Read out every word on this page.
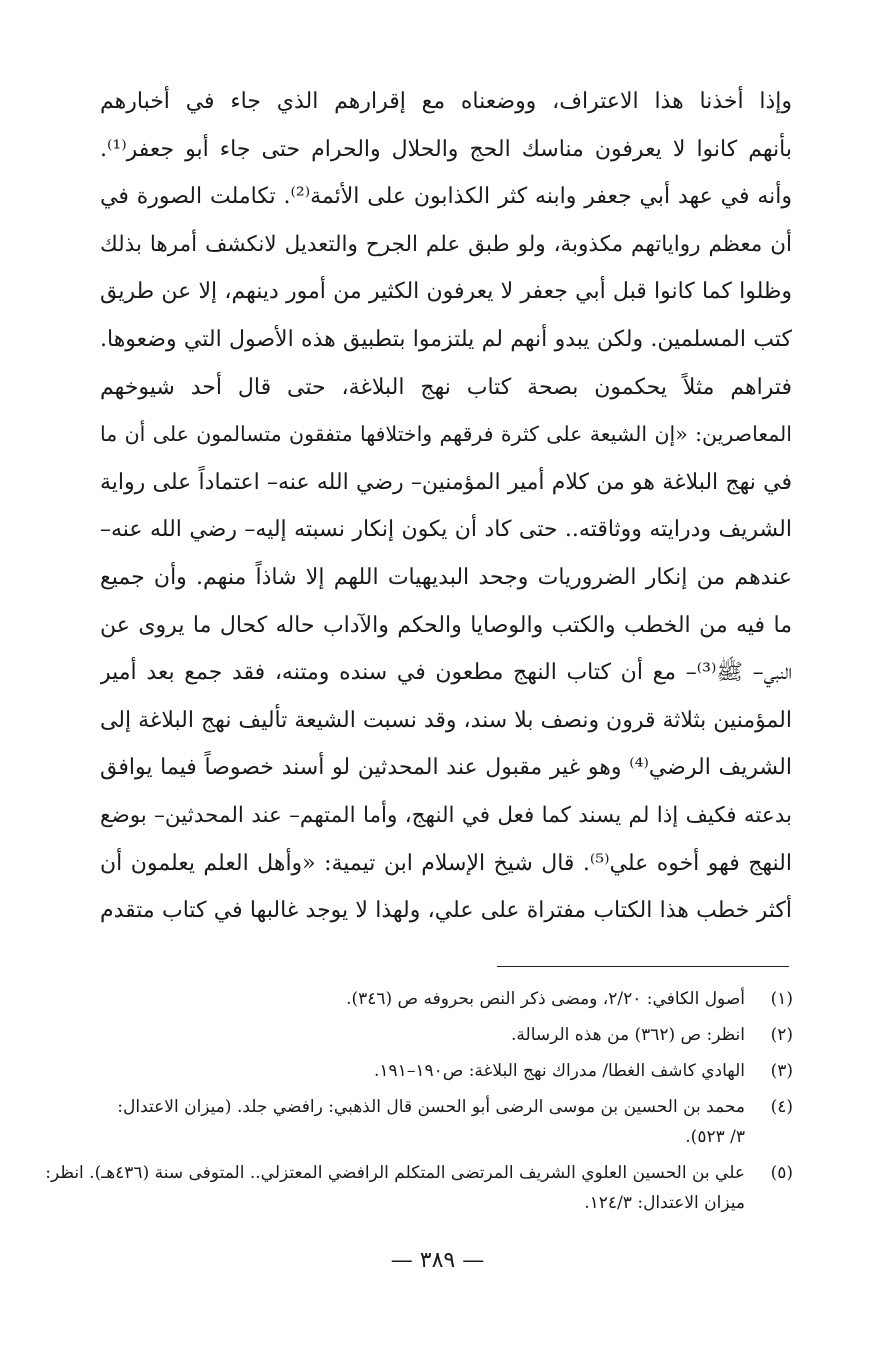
وإذا أخذنا هذا الاعتراف، ووضعناه مع إقرارهم الذي جاء في أخبارهم
بأنهم كانوا لا يعرفون مناسك الحج والحلال والحرام حتى جاء أبو جعفر⁽¹⁾.
وأنه في عهد أبي جعفر وابنه كثر الكذابون على الأئمة⁽²⁾. تكاملت الصورة في
أن معظم رواياتهم مكذوبة، ولو طبق علم الجرح والتعديل لانكشف أمرها بذلك
وظلوا كما كانوا قبل أبي جعفر لا يعرفون الكثير من أمور دينهم، إلا عن طريق
كتب المسلمين. ولكن يبدو أنهم لم يلتزموا بتطبيق هذه الأصول التي وضعوها.
فتراهم مثلاً يحكمون بصحة كتاب نهج البلاغة، حتى قال أحد شيوخهم
المعاصرين: «إن الشيعة على كثرة فرقهم واختلافها متفقون متسالمون على أن ما
في نهج البلاغة هو من كلام أمير المؤمنين– رضي الله عنه– اعتماداً على رواية
الشريف ودرايته ووثاقته.. حتى كاد أن يكون إنكار نسبته إليه– رضي الله عنه–
عندهم من إنكار الضروريات وجحد البديهيات اللهم إلا شاذاً منهم. وأن جميع
ما فيه من الخطب والكتب والوصايا والحكم والآداب حاله كحال ما يروى عن
النبي– ﷺ⁽³⁾– مع أن كتاب النهج مطعون في سنده ومتنه، فقد جمع بعد أمير
المؤمنين بثلاثة قرون ونصف بلا سند، وقد نسبت الشيعة تأليف نهج البلاغة إلى
الشريف الرضي⁽⁴⁾ وهو غير مقبول عند المحدثين لو أسند خصوصاً فيما يوافق
بدعته فكيف إذا لم يسند كما فعل في النهج، وأما المتهم– عند المحدثين– بوضع
النهج فهو أخوه علي⁽⁵⁾. قال شيخ الإسلام ابن تيمية: «وأهل العلم يعلمون أن
أكثر خطب هذا الكتاب مفتراة على علي، ولهذا لا يوجد غالبها في كتاب متقدم
(١)
أصول الكافي: ٢/٢٠، ومضى ذكر النص بحروفه ص (٣٤٦).
(٢)
انظر: ص (٣٦٢) من هذه الرسالة.
(٣)
الهادي كاشف الغطا/ مدراك نهج البلاغة: ص١٩٠–١٩١.
(٤)
محمد بن الحسين بن موسى الرضى أبو الحسن قال الذهبي: رافضي جلد. (ميزان الاعتدال:
٣/ ٥٢٣).
(٥)
علي بن الحسين العلوي الشريف المرتضى المتكلم الرافضي المعتزلي.. المتوفى سنة (٤٣٦هـ). انظر:
ميزان الاعتدال: ١٢٤/٣.
— ٣٨٩ —
